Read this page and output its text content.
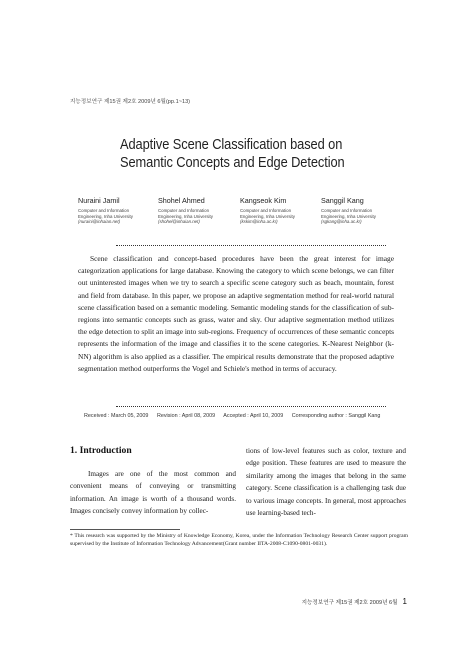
지능정보연구 제15권 제2호 2009년 6월(pp.1~13)
Adaptive Scene Classification based on
Semantic Concepts and Edge Detection
Nuraini Jamil
Computer and Information
Engineering, Inha University
(nuraini@inhaian.net)
Shohel Ahmed
Computer and Information
Engineering, Inha University
(shohel@inhaian.net)
Kangseok Kim
Computer and Information
Engineering, Inha University
(kskim@inha.ac.kr)
Sanggil Kang
Computer and Information
Engineering, Inha University
(sgkang@inha.ac.kr)

Scene classification and concept-based procedures have been the great interest for image categorization applications for large database. Knowing the category to which scene belongs, we can filter out uninterested images when we try to search a specific scene category such as beach, mountain, forest and field from database. In this paper, we propose an adaptive segmentation method for real-world natural scene classification based on a semantic modeling. Semantic modeling stands for the classification of sub-regions into semantic concepts such as grass, water and sky. Our adaptive segmentation method utilizes the edge detection to split an image into sub-regions. Frequency of occurrences of these semantic concepts represents the information of the image and classifies it to the scene categories. K-Nearest Neighbor (k-NN) algorithm is also applied as a classifier. The empirical results demonstrate that the proposed adaptive segmentation method outperforms the Vogel and Schiele's method in terms of accuracy.

Received : March 05, 2009 Revision : April 08, 2009 Accepted : April 10, 2009 Corresponding author : Sanggil Kang
1. Introduction

Images are one of the most common and convenient means of conveying or transmitting information. An image is worth of a thousand words. Images concisely convey information by collec-

tions of low-level features such as color, texture and edge position. These features are used to measure the similarity among the images that belong in the same category. Scene classification is a challenging task due to various image concepts. In general, most approaches use learning-based tech-

* This research was supported by the Ministry of Knowledge Economy, Korea, under the Information Technology Research Center support program supervised by the Institute of Information Technology Advancement(Grant number IITA-2008-C1090-0801-0031).
지능정보연구 제15권 제2호 2009년 6월 1
